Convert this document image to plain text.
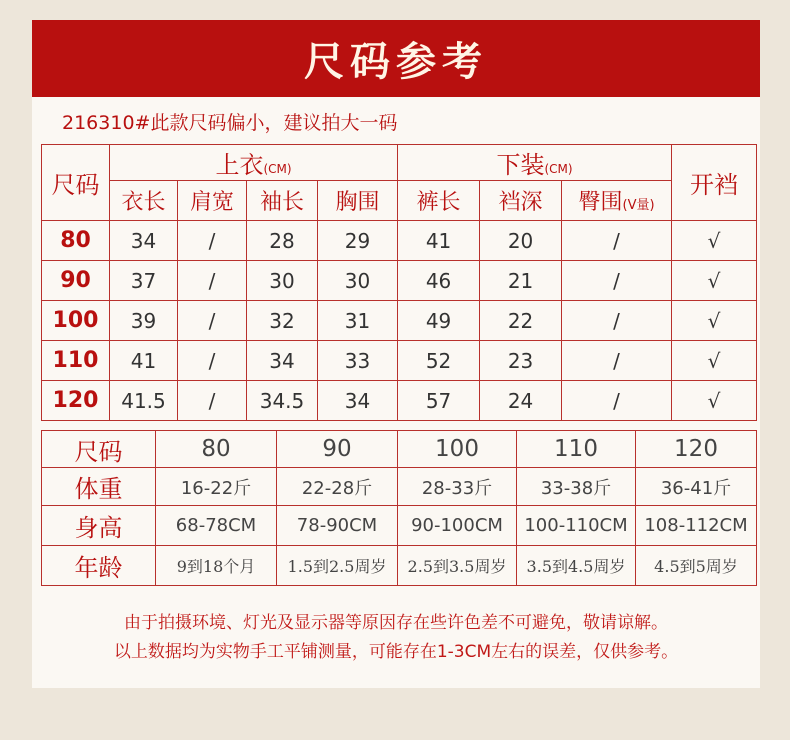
尺码参考
216310#此款尺码偏小，建议拍大一码
尺码	上衣(CM)				下装(CM)			开裆
	衣长	肩宽	袖长	胸围	裤长	裆深	臀围(V量)	
80	34	/	28	29	41	20	/	√
90	37	/	30	30	46	21	/	√
100	39	/	32	31	49	22	/	√
110	41	/	34	33	52	23	/	√
120	41.5	/	34.5	34	57	24	/	√
尺码	80	90	100	110	120
体重	16-22斤	22-28斤	28-33斤	33-38斤	36-41斤
身高	68-78CM	78-90CM	90-100CM	100-110CM	108-112CM
年龄	9到18个月	1.5到2.5周岁	2.5到3.5周岁	3.5到4.5周岁	4.5到5周岁
由于拍摄环境、灯光及显示器等原因存在些许色差不可避免，敬请谅解。
以上数据均为实物手工平铺测量，可能存在1-3CM左右的误差，仅供参考。
